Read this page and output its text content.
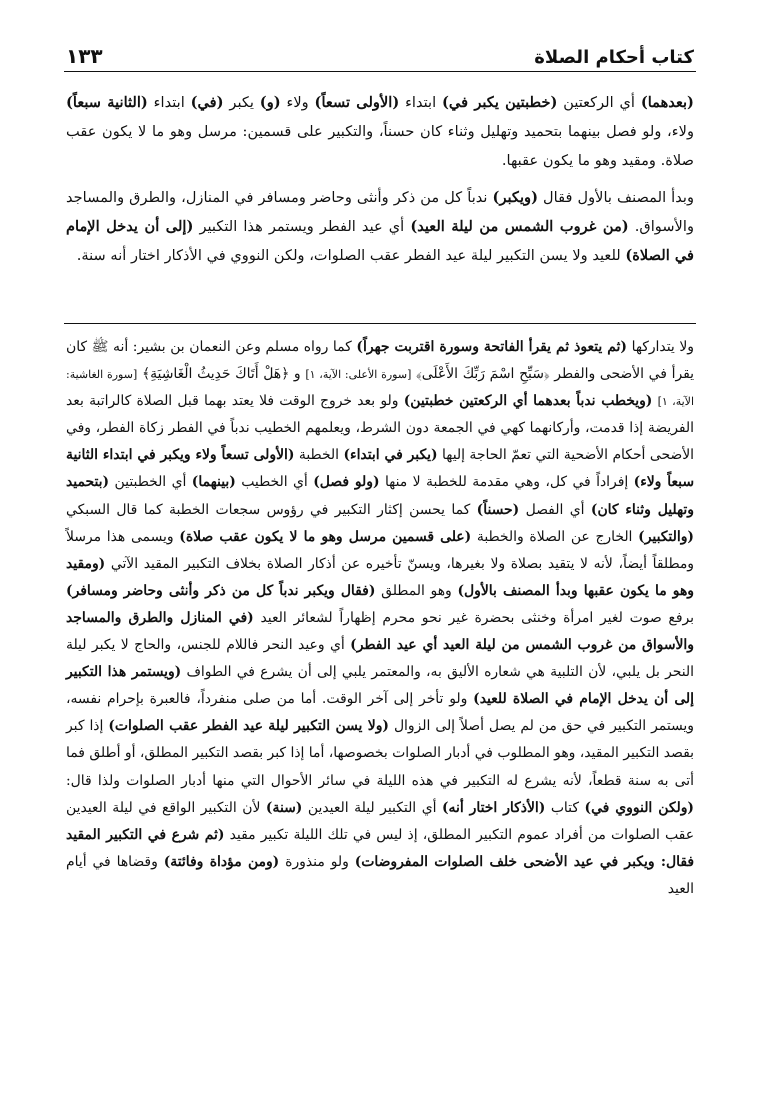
كتاب أحكام الصلاة
١٣٣

(بعدهما) أي الركعتين (خطبتين يكبر في) ابتداء (الأولى تسعاً) ولاء (و) يكبر (في) ابتداء (الثانية سبعاً) ولاء، ولو فصل بينهما بتحميد وتهليل وثناء كان حسناً، والتكبير على قسمين: مرسل وهو ما لا يكون عقب صلاة. ومقيد وهو ما يكون عقبها.

وبدأ المصنف بالأول فقال (ويكبر) ندباً كل من ذكر وأنثى وحاضر ومسافر في المنازل، والطرق والمساجد والأسواق. (من غروب الشمس من ليلة العيد) أي عيد الفطر ويستمر هذا التكبير (إلى أن يدخل الإمام في الصلاة) للعيد ولا يسن التكبير ليلة عيد الفطر عقب الصلوات، ولكن النووي في الأذكار اختار أنه سنة.

ولا يتداركها (ثم يتعوذ ثم يقرأ الفاتحة وسورة اقتربت جهراً) كما رواه مسلم وعن النعمان بن بشير: أنه ﷺ كان يقرأ في الأضحى والفطر ﴿سَبِّحِ اسْمَ رَبِّكَ الأَعْلَى﴾ [سورة الأعلى: الآية، ١] و ﴿هَلْ أَتَاكَ حَدِيثُ الْغَاشِيَةِ﴾ [سورة الغاشية: الآية، ١] (ويخطب ندباً بعدهما أي الركعتين خطبتين) ولو بعد خروج الوقت فلا يعتد بهما قبل الصلاة كالراتبة بعد الفريضة إذا قدمت، وأركانهما كهي في الجمعة دون الشرط، ويعلمهم الخطيب ندباً في الفطر زكاة الفطر، وفي الأضحى أحكام الأضحية التي تعمّ الحاجة إليها (يكبر في ابتداء) الخطبة (الأولى تسعاً ولاء ويكبر في ابتداء الثانية سبعاً ولاء) إفراداً في كل، وهي مقدمة للخطبة لا منها (ولو فصل) أي الخطيب (بينهما) أي الخطبتين (بتحميد وتهليل وثناء كان) أي الفصل (حسناً) كما يحسن إكثار التكبير في رؤوس سجعات الخطبة كما قال السبكي (والتكبير) الخارج عن الصلاة والخطبة (على قسمين مرسل وهو ما لا يكون عقب صلاة) ويسمى هذا مرسلاً ومطلقاً أيضاً، لأنه لا يتقيد بصلاة ولا بغيرها، ويسنّ تأخيره عن أذكار الصلاة بخلاف التكبير المقيد الآتي (ومقيد وهو ما يكون عقبها وبدأ المصنف بالأول) وهو المطلق (فقال ويكبر ندباً كل من ذكر وأنثى وحاضر ومسافر) برفع صوت لغير امرأة وخنثى بحضرة غير نحو محرم إظهاراً لشعائر العيد (في المنازل والطرق والمساجد والأسواق من غروب الشمس من ليلة العيد أي عيد الفطر) أي وعيد النحر فاللام للجنس، والحاج لا يكبر ليلة النحر بل يلبي، لأن التلبية هي شعاره الأليق به، والمعتمر يلبي إلى أن يشرع في الطواف (ويستمر هذا التكبير إلى أن يدخل الإمام في الصلاة للعيد) ولو تأخر إلى آخر الوقت. أما من صلى منفرداً، فالعبرة بإحرام نفسه، ويستمر التكبير في حق من لم يصل أصلاً إلى الزوال (ولا يسن التكبير ليلة عيد الفطر عقب الصلوات) إذا كبر بقصد التكبير المقيد، وهو المطلوب في أدبار الصلوات بخصوصها، أما إذا كبر بقصد التكبير المطلق، أو أطلق فما أتى به سنة قطعاً، لأنه يشرع له التكبير في هذه الليلة في سائر الأحوال التي منها أدبار الصلوات ولذا قال: (ولكن النووي في) كتاب (الأذكار اختار أنه) أي التكبير ليلة العيدين (سنة) لأن التكبير الواقع في ليلة العيدين عقب الصلوات من أفراد عموم التكبير المطلق، إذ ليس في تلك الليلة تكبير مقيد (ثم شرع في التكبير المقيد فقال: ويكبر في عيد الأضحى خلف الصلوات المفروضات) ولو منذورة (ومن مؤداة وفائتة) وقضاها في أيام العيد
